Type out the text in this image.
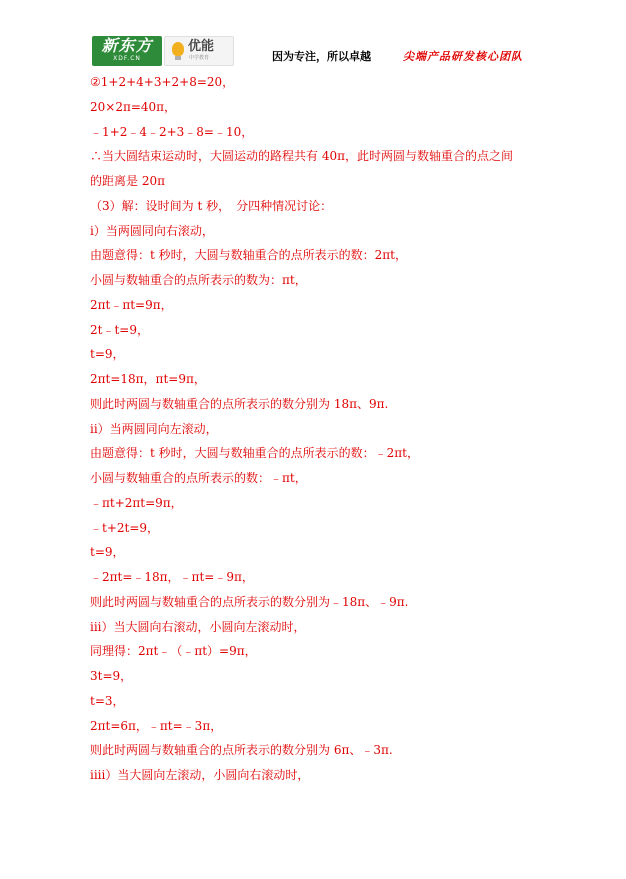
新东方
XDF.CN
优能
中学教育	因为专注，所以卓越	尖端产品研发核心团队
②1+2+4+3+2+8=20，
20×2π=40π，
﹣1+2﹣4﹣2+3﹣8=﹣10，
∴当大圆结束运动时，大圆运动的路程共有 40π，此时两圆与数轴重合的点之间
的距离是 20π
（3）解：设时间为 t 秒，　分四种情况讨论：
i）当两圆同向右滚动，
由题意得：t 秒时，大圆与数轴重合的点所表示的数：2πt，
小圆与数轴重合的点所表示的数为：πt，
2πt﹣πt=9π，
2t﹣t=9，
t=9，
2πt=18π，πt=9π，
则此时两圆与数轴重合的点所表示的数分别为 18π、9π.
ii）当两圆同向左滚动，
由题意得：t 秒时，大圆与数轴重合的点所表示的数：﹣2πt，
小圆与数轴重合的点所表示的数：﹣πt，
﹣πt+2πt=9π，
﹣t+2t=9，
t=9，
﹣2πt=﹣18π，﹣πt=﹣9π，
则此时两圆与数轴重合的点所表示的数分别为﹣18π、﹣9π.
iii）当大圆向右滚动，小圆向左滚动时，
同理得：2πt﹣（﹣πt）=9π，
3t=9，
t=3，
2πt=6π，﹣πt=﹣3π，
则此时两圆与数轴重合的点所表示的数分别为 6π、﹣3π.
iiii）当大圆向左滚动，小圆向右滚动时，
